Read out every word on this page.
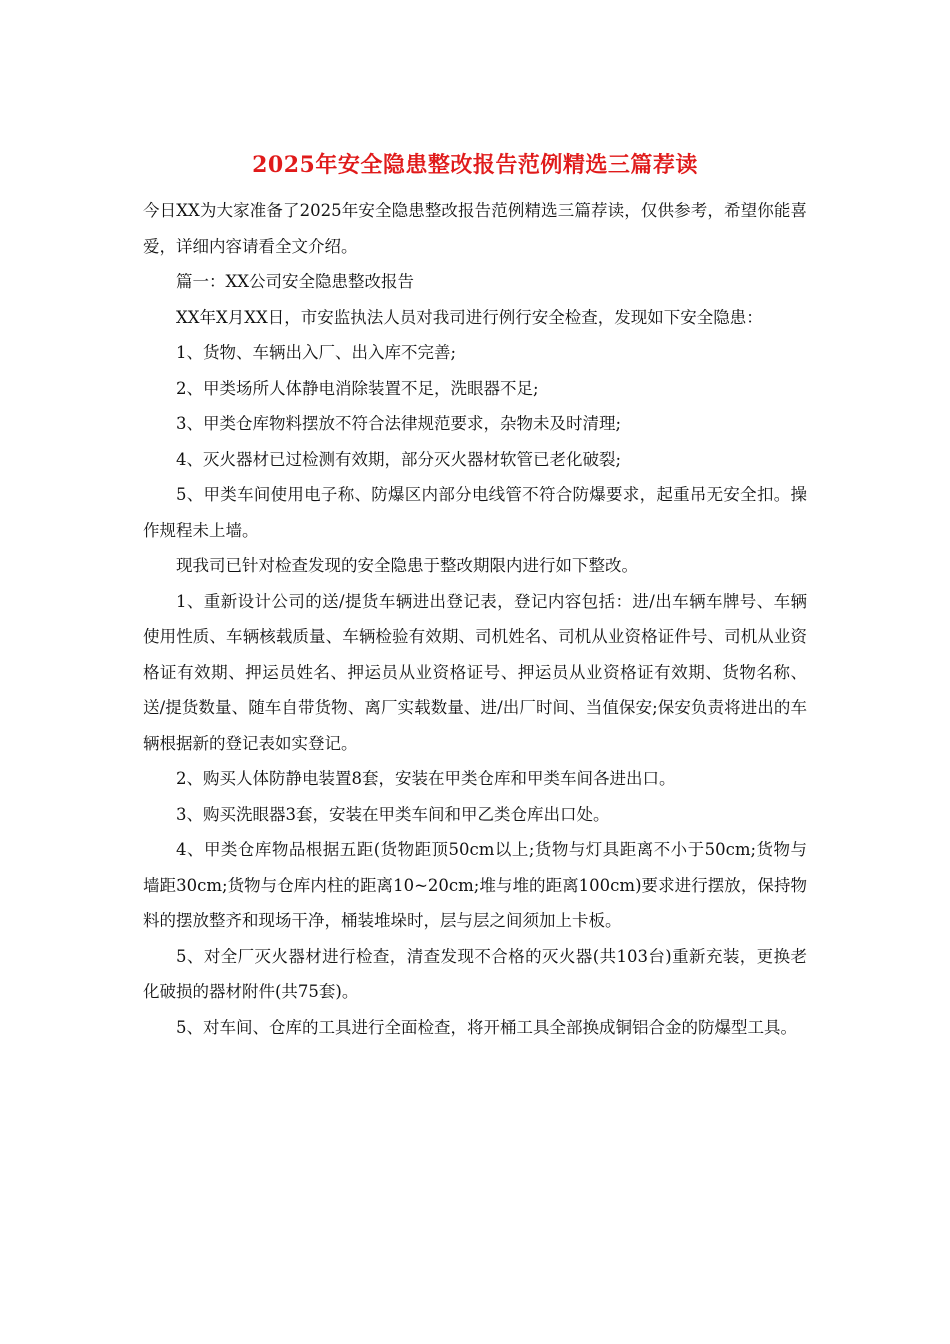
2025年安全隐患整改报告范例精选三篇荐读

今日XX为大家准备了2025年安全隐患整改报告范例精选三篇荐读，仅供参考，希望你能喜爱，详细内容请看全文介绍。

篇一：XX公司安全隐患整改报告

XX年X月XX日，市安监执法人员对我司进行例行安全检查，发现如下安全隐患：

1、货物、车辆出入厂、出入库不完善;

2、甲类场所人体静电消除装置不足，洗眼器不足;

3、甲类仓库物料摆放不符合法律规范要求，杂物未及时清理;

4、灭火器材已过检测有效期，部分灭火器材软管已老化破裂;

5、甲类车间使用电子称、防爆区内部分电线管不符合防爆要求，起重吊无安全扣。操作规程未上墙。

现我司已针对检查发现的安全隐患于整改期限内进行如下整改。

1、重新设计公司的送/提货车辆进出登记表，登记内容包括：进/出车辆车牌号、车辆使用性质、车辆核载质量、车辆检验有效期、司机姓名、司机从业资格证件号、司机从业资格证有效期、押运员姓名、押运员从业资格证号、押运员从业资格证有效期、货物名称、送/提货数量、随车自带货物、离厂实载数量、进/出厂时间、当值保安;保安负责将进出的车辆根据新的登记表如实登记。

2、购买人体防静电装置8套，安装在甲类仓库和甲类车间各进出口。

3、购买洗眼器3套，安装在甲类车间和甲乙类仓库出口处。

4、甲类仓库物品根据五距(货物距顶50cm以上;货物与灯具距离不小于50cm;货物与墙距30cm;货物与仓库内柱的距离10~20cm;堆与堆的距离100cm)要求进行摆放，保持物料的摆放整齐和现场干净，桶装堆垛时，层与层之间须加上卡板。

5、对全厂灭火器材进行检查，清查发现不合格的灭火器(共103台)重新充装，更换老化破损的器材附件(共75套)。

5、对车间、仓库的工具进行全面检查，将开桶工具全部换成铜铝合金的防爆型工具。
